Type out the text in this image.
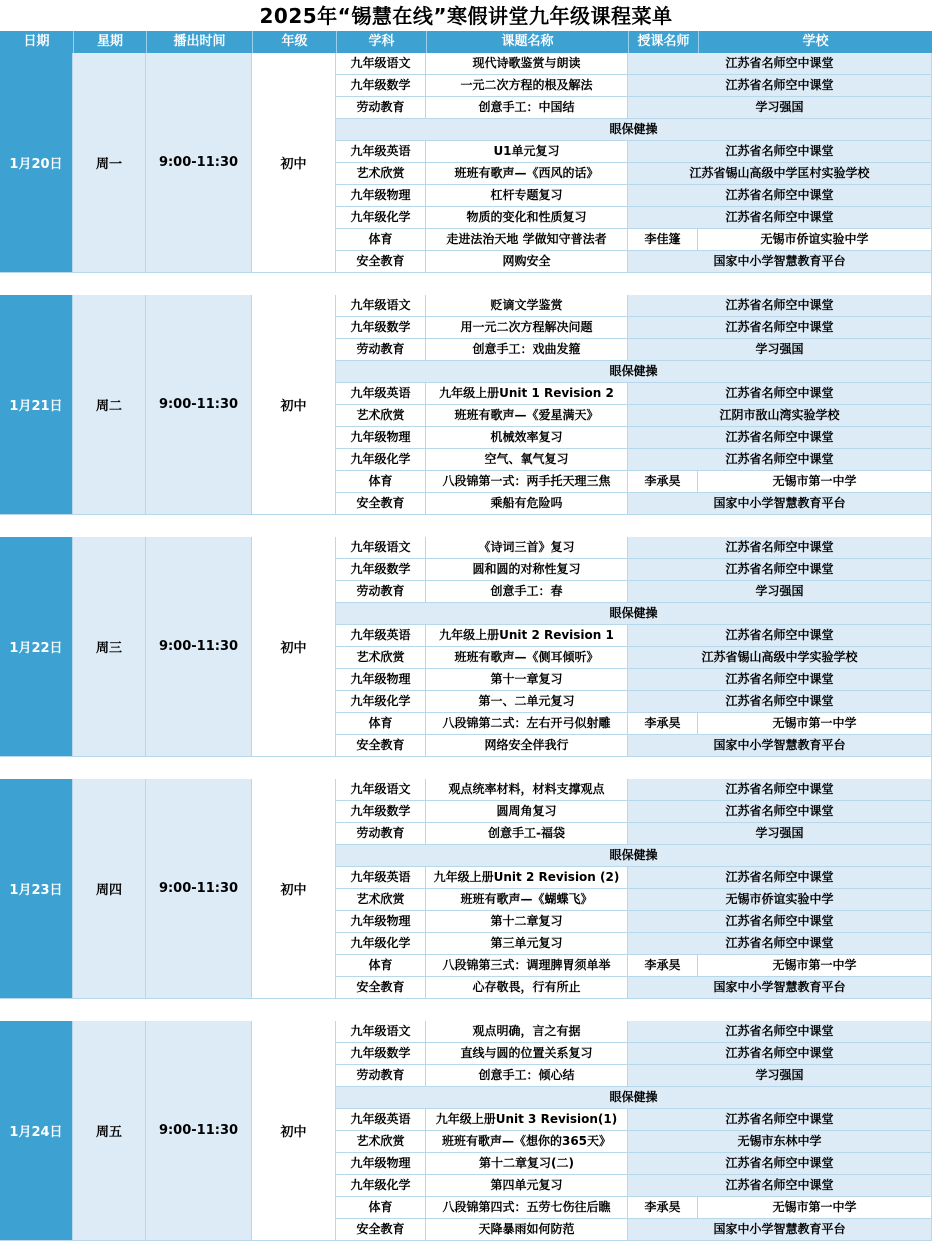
2025年“锡慧在线”寒假讲堂九年级课程菜单
日期	星期	播出时间	年级	学科	课题名称	授课名师	学校
1月20日	周一	9:00-11:30	初中
九年级语文	现代诗歌鉴赏与朗读	江苏省名师空中课堂
九年级数学	一元二次方程的根及解法	江苏省名师空中课堂
劳动教育	创意手工：中国结	学习强国
眼保健操
九年级英语	U1单元复习	江苏省名师空中课堂
艺术欣赏	班班有歌声—《西风的话》	江苏省锡山高级中学匡村实验学校
九年级物理	杠杆专题复习	江苏省名师空中课堂
九年级化学	物质的变化和性质复习	江苏省名师空中课堂
体育	走进法治天地 学做知守普法者	李佳篷	无锡市侨谊实验中学
安全教育	网购安全	国家中小学智慧教育平台
1月21日	周二	9:00-11:30	初中
九年级语文	贬谪文学鉴赏	江苏省名师空中课堂
九年级数学	用一元二次方程解决问题	江苏省名师空中课堂
劳动教育	创意手工：戏曲发箍	学习强国
眼保健操
九年级英语	九年级上册Unit 1 Revision 2	江苏省名师空中课堂
艺术欣赏	班班有歌声—《爱星满天》	江阴市敔山湾实验学校
九年级物理	机械效率复习	江苏省名师空中课堂
九年级化学	空气、氧气复习	江苏省名师空中课堂
体育	八段锦第一式：两手托天理三焦	李承昊	无锡市第一中学
安全教育	乘船有危险吗	国家中小学智慧教育平台
1月22日	周三	9:00-11:30	初中
九年级语文	《诗词三首》复习	江苏省名师空中课堂
九年级数学	圆和圆的对称性复习	江苏省名师空中课堂
劳动教育	创意手工：春	学习强国
眼保健操
九年级英语	九年级上册Unit 2 Revision 1	江苏省名师空中课堂
艺术欣赏	班班有歌声—《侧耳倾听》	江苏省锡山高级中学实验学校
九年级物理	第十一章复习	江苏省名师空中课堂
九年级化学	第一、二单元复习	江苏省名师空中课堂
体育	八段锦第二式：左右开弓似射雕	李承昊	无锡市第一中学
安全教育	网络安全伴我行	国家中小学智慧教育平台
1月23日	周四	9:00-11:30	初中
九年级语文	观点统率材料，材料支撑观点	江苏省名师空中课堂
九年级数学	圆周角复习	江苏省名师空中课堂
劳动教育	创意手工-福袋	学习强国
眼保健操
九年级英语	九年级上册Unit 2 Revision (2)	江苏省名师空中课堂
艺术欣赏	班班有歌声—《蝴蝶飞》	无锡市侨谊实验中学
九年级物理	第十二章复习	江苏省名师空中课堂
九年级化学	第三单元复习	江苏省名师空中课堂
体育	八段锦第三式：调理脾胃须单举	李承昊	无锡市第一中学
安全教育	心存敬畏，行有所止	国家中小学智慧教育平台
1月24日	周五	9:00-11:30	初中
九年级语文	观点明确，言之有据	江苏省名师空中课堂
九年级数学	直线与圆的位置关系复习	江苏省名师空中课堂
劳动教育	创意手工：倾心结	学习强国
眼保健操
九年级英语	九年级上册Unit 3 Revision(1)	江苏省名师空中课堂
艺术欣赏	班班有歌声—《想你的365天》	无锡市东林中学
九年级物理	第十二章复习(二)	江苏省名师空中课堂
九年级化学	第四单元复习	江苏省名师空中课堂
体育	八段锦第四式：五劳七伤往后瞧	李承昊	无锡市第一中学
安全教育	天降暴雨如何防范	国家中小学智慧教育平台
